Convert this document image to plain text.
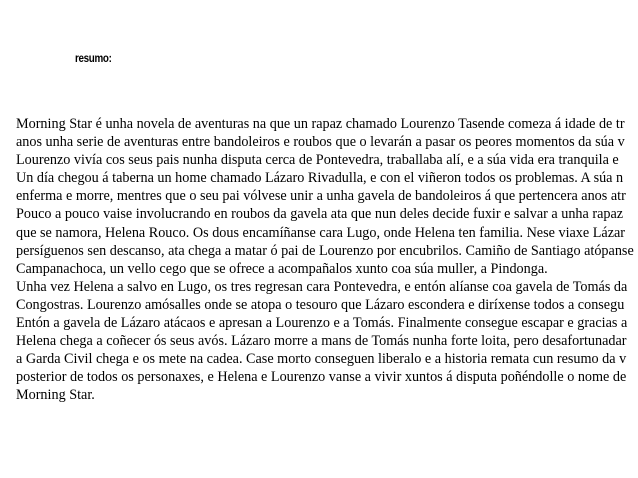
resumo:
Morning Star é unha novela de aventuras na que un rapaz chamado Lourenzo Tasende comeza á idade de tr
anos unha serie de aventuras entre bandoleiros e roubos que o levarán a pasar os peores momentos da súa v
Lourenzo vivía cos seus pais nunha disputa cerca de Pontevedra, traballaba alí, e a súa vida era tranquila e
Un día chegou á taberna un home chamado Lázaro Rivadulla, e con el viñeron todos os problemas. A súa n
enferma e morre, mentres que o seu pai vólvese unir a unha gavela de bandoleiros á que pertencera anos atr
Pouco a pouco vaise involucrando en roubos da gavela ata que nun deles decide fuxir e salvar a unha rapaz
que se namora, Helena Rouco. Os dous encamíñanse cara Lugo, onde Helena ten familia. Nese viaxe Lázar
persíguenos sen descanso, ata chega a matar ó pai de Lourenzo por encubrilos. Camiño de Santiago atópanse
Campanachoca, un vello cego que se ofrece a acompañalos xunto coa súa muller, a Pindonga.
Unha vez Helena a salvo en Lugo, os tres regresan cara Pontevedra, e entón alíanse coa gavela de Tomás da
Congostras. Lourenzo amósalles onde se atopa o tesouro que Lázaro escondera e diríxense todos a consegu
Entón a gavela de Lázaro atácaos e apresan a Lourenzo e a Tomás. Finalmente consegue escapar e gracias a
Helena chega a coñecer ós seus avós. Lázaro morre a mans de Tomás nunha forte loita, pero desafortunadar
a Garda Civil chega e os mete na cadea. Case morto conseguen liberalo e a historia remata cun resumo da v
posterior de todos os personaxes, e Helena e Lourenzo vanse a vivir xuntos á disputa poñéndolle o nome de
Morning Star.
